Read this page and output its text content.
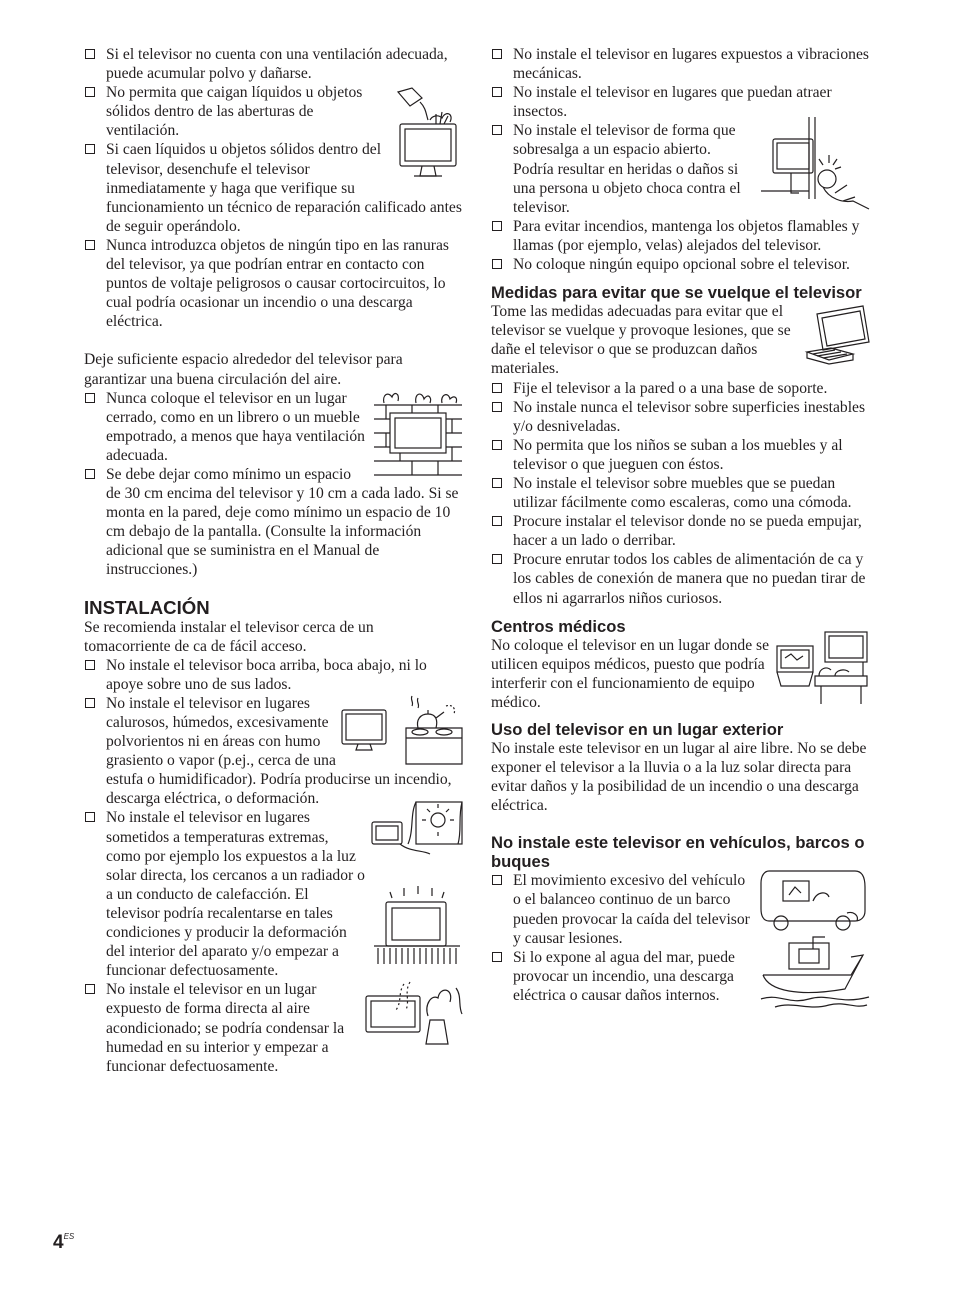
Si el televisor no cuenta con una ventilación adecuada, puede acumular polvo y dañarse.
No permita que caigan líquidos u objetos sólidos dentro de las aberturas de ventilación.
Si caen líquidos u objetos sólidos dentro del televisor, desenchufe el televisor inmediatamente y haga que verifique su funcionamiento un técnico de reparación calificado antes de seguir operándolo.
Nunca introduzca objetos de ningún tipo en las ranuras del televisor, ya que podrían entrar en contacto con puntos de voltaje peligrosos o causar cortocircuitos, lo cual podría ocasionar un incendio o una descarga eléctrica.

Deje suficiente espacio alrededor del televisor para garantizar una buena circulación del aire.

Nunca coloque el televisor en un lugar cerrado, como en un librero o un mueble empotrado, a menos que haya ventilación adecuada.
Se debe dejar como mínimo un espacio de 30 cm encima del televisor y 10 cm a cada lado. Si se monta en la pared, deje como mínimo un espacio de 10 cm debajo de la pantalla. (Consulte la información adicional que se suministra en el Manual de instrucciones.)
INSTALACIÓN

Se recomienda instalar el televisor cerca de un tomacorriente de ca de fácil acceso.

No instale el televisor boca arriba, boca abajo, ni lo apoye sobre uno de sus lados.
No instale el televisor en lugares calurosos, húmedos, excesivamente polvorientos ni en áreas con humo grasiento o vapor (p.ej., cerca de una estufa o humidificador). Podría producirse un incendio, descarga eléctrica, o deformación.
No instale el televisor en lugares sometidos a temperaturas extremas, como por ejemplo los expuestos a la luz solar directa, los cercanos a un radiador o a un conducto de calefacción. El televisor podría recalentarse en tales condiciones y producir la deformación del interior del aparato y/o empezar a funcionar defectuosamente.
No instale el televisor en un lugar expuesto de forma directa al aire acondicionado; se podría condensar la humedad en su interior y empezar a funcionar defectuosamente.
No instale el televisor en lugares expuestos a vibraciones mecánicas.
No instale el televisor en lugares que puedan atraer insectos.
No instale el televisor de forma que sobresalga a un espacio abierto. Podría resultar en heridas o daños si una persona u objeto choca contra el televisor.
Para evitar incendios, mantenga los objetos flamables y llamas (por ejemplo, velas) alejados del televisor.
No coloque ningún equipo opcional sobre el televisor.
Medidas para evitar que se vuelque el televisor

Tome las medidas adecuadas para evitar que el televisor se vuelque y provoque lesiones, que se dañe el televisor o que se produzcan daños materiales.

Fije el televisor a la pared o a una base de soporte.
No instale nunca el televisor sobre superficies inestables y/o desniveladas.
No permita que los niños se suban a los muebles y al televisor o que jueguen con éstos.
No instale el televisor sobre muebles que se puedan utilizar fácilmente como escaleras, como una cómoda.
Procure instalar el televisor donde no se pueda empujar, hacer a un lado o derribar.
Procure enrutar todos los cables de alimentación de ca y los cables de conexión de manera que no puedan tirar de ellos ni agarrarlos niños curiosos.
Centros médicos

No coloque el televisor en un lugar donde se utilicen equipos médicos, puesto que podría interferir con el funcionamiento de equipo médico.

Uso del televisor en un lugar exterior

No instale este televisor en un lugar al aire libre. No se debe exponer el televisor a la lluvia o a la luz solar directa para evitar daños y la posibilidad de un incendio o una descarga eléctrica.

No instale este televisor en vehículos, barcos o buques
El movimiento excesivo del vehículo o el balanceo continuo de un barco pueden provocar la caída del televisor y causar lesiones.
Si lo expone al agua del mar, puede provocar un incendio, una descarga eléctrica o causar daños internos.
$4^{ES}$
